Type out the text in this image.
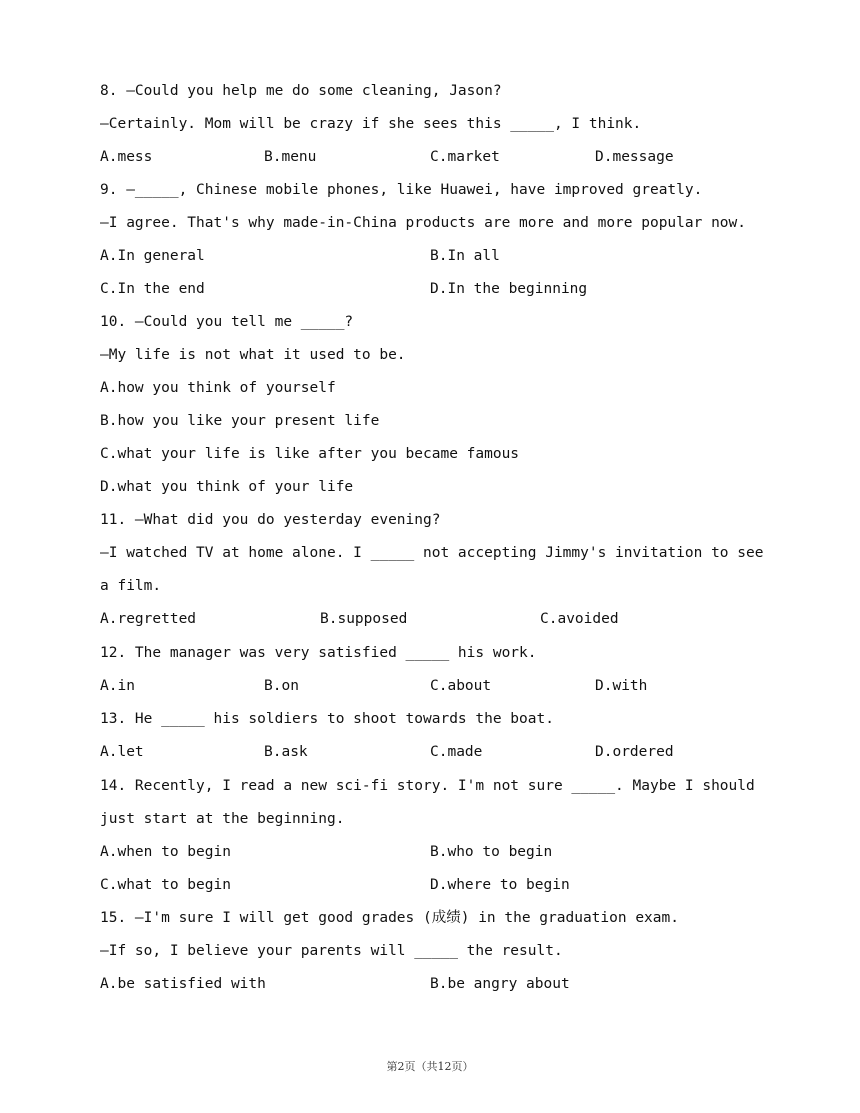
8. —Could you help me do some cleaning, Jason?
—Certainly. Mom will be crazy if she sees this _____, I think.
A.mess	B.menu	C.market	D.message
9. —_____, Chinese mobile phones, like Huawei, have improved greatly.
—I agree. That's why made-in-China products are more and more popular now.
A.In general	B.In all
C.In the end	D.In the beginning
10. —Could you tell me _____?
—My life is not what it used to be.
A.how you think of yourself
B.how you like your present life
C.what your life is like after you became famous
D.what you think of your life
11. —What did you do yesterday evening?
—I watched TV at home alone. I _____ not accepting Jimmy's invitation to see
a film.
A.regretted	B.supposed	C.avoided
12. The manager was very satisfied _____ his work.
A.in	B.on	C.about	D.with
13. He _____ his soldiers to shoot towards the boat.
A.let	B.ask	C.made	D.ordered
14. Recently, I read a new sci-fi story. I'm not sure _____. Maybe I should
just start at the beginning.
A.when to begin	B.who to begin
C.what to begin	D.where to begin
15. —I'm sure I will get good grades (成绩) in the graduation exam.
—If so, I believe your parents will _____ the result.
A.be satisfied with	B.be angry about
第2页（共12页）
